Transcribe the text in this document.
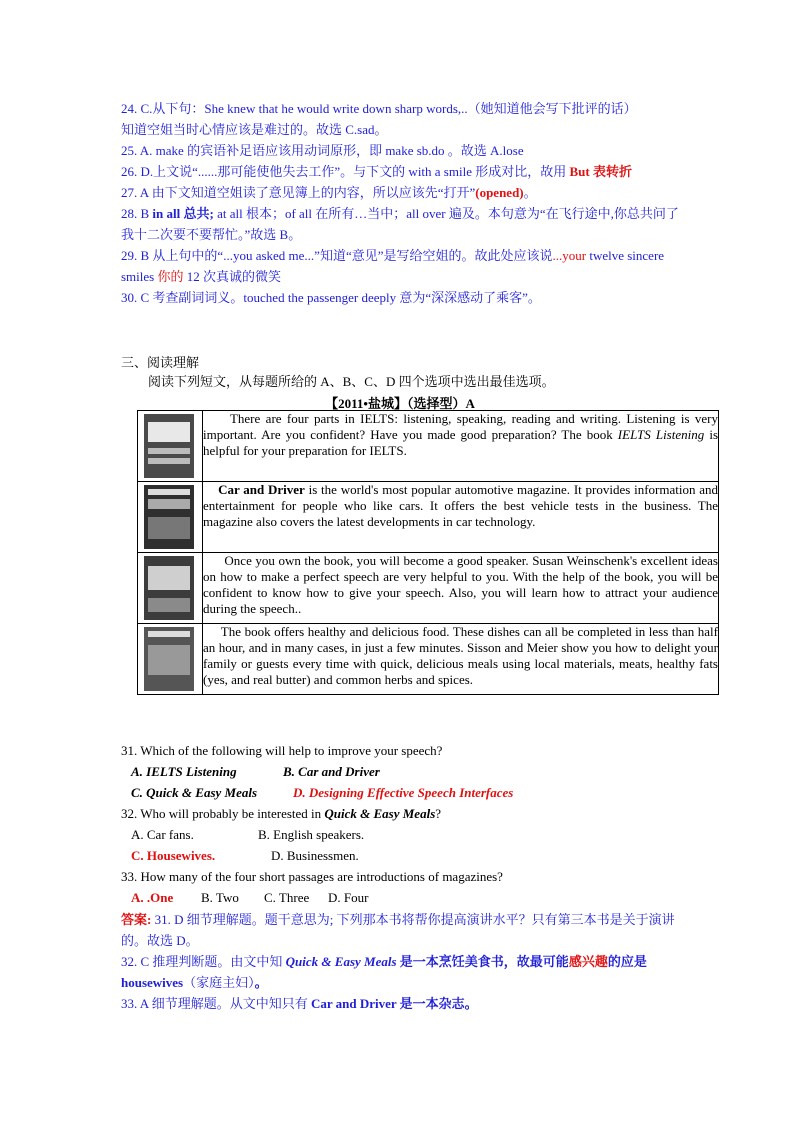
24. C.从下句：She knew that he would write down sharp words,..（她知道他会写下批评的话）

知道空姐当时心情应该是难过的。故选 C.sad。

25. A. make 的宾语补足语应该用动词原形，即 make sb.do 。故选 A.lose

26. D.上文说“......那可能使他失去工作”。与下文的 with a smile 形成对比，故用 But 表转折

27. A 由下文知道空姐读了意见簿上的内容，所以应该先“打开”(opened)。

28. B in all 总共; at all 根本；of all 在所有…当中；all over 遍及。本句意为“在飞行途中,你总共问了我十二次要不要帮忙。”故选 B。

29. B 从上句中的“...you asked me...”知道“意见”是写给空姐的。故此处应该说...your twelve sincere smiles 你的 12 次真诚的微笑

30. C 考查副词词义。touched the passenger deeply 意为“深深感动了乘客”。

三、阅读理解
阅读下列短文，从每题所给的 A、B、C、D 四个选项中选出最佳选项。
【2011•盐城】（选择型）A
	There are four parts in IELTS: listening, speaking, reading and writing. Listening is very important. Are you confident? Have you made good preparation? The book IELTS Listening is helpful for your preparation for IELTS.

	Car and Driver is the world's most popular automotive magazine. It provides information and entertainment for people who like cars. It offers the best vehicle tests in the business. The magazine also covers the latest developments in car technology.

	Once you own the book, you will become a good speaker. Susan Weinschenk's excellent ideas on how to make a perfect speech are very helpful to you. With the help of the book, you will be confident to know how to give your speech. Also, you will learn how to attract your audience during the speech..

	The book offers healthy and delicious food. These dishes can all be completed in less than half an hour, and in many cases, in just a few minutes. Sisson and Meier show you how to delight your family or guests every time with quick, delicious meals using local materials, meats, healthy fats (yes, and real butter) and common herbs and spices.
31. Which of the following will help to improve your speech?
A. IELTS Listening	B. Car and Driver
C. Quick & Easy Meals	D. Designing Effective Speech Interfaces
32. Who will probably be interested in Quick & Easy Meals?
A. Car fans.	B. English speakers.
C. Housewives.	D. Businessmen.
33. How many of the four short passages are introductions of magazines?
A. .One B. Two C. Three D. Four

答案: 31. D 细节理解题。题干意思为; 下列那本书将帮你提高演讲水平？只有第三本书是关于演讲的。故选 D。

32. C 推理判断题。由文中知 Quick & Easy Meals 是一本烹饪美食书，故最可能感兴趣的应是 housewives（家庭主妇）。

33. A 细节理解题。从文中知只有 Car and Driver 是一本杂志。
